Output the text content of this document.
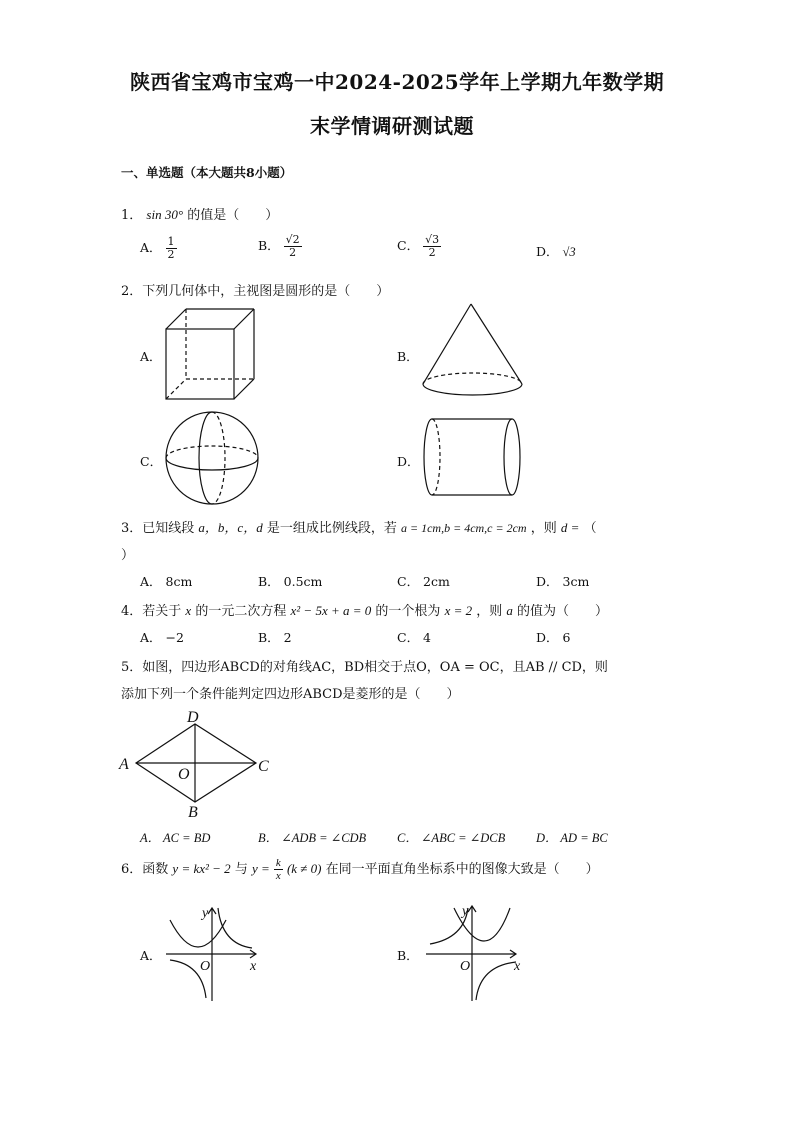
陕西省宝鸡市宝鸡一中2024-2025学年上学期九年数学期
末学情调研测试题
一、单选题（本大题共8小题）
1． sin 30° 的值是（　　）
A． $\frac{1}{2}$	B． $\frac{√2}{2}$	C． $\frac{√3}{2}$	D． √3
2．下列几何体中，主视图是圆形的是（　　）
A．	B．
C．	D．
3．已知线段 a，b，c，d 是一组成比例线段，若 a = 1cm,b = 4cm,c = 2cm ，则 d = （
）
A． 8cm	B． 0.5cm	C． 2cm	D． 3cm
4．若关于 x 的一元二次方程 x² − 5x + a = 0 的一个根为 x = 2 ，则 a 的值为（　　）
A． −2	B． 2	C． 4	D． 6
5．如图，四边形ABCD的对角线AC，BD相交于点O，OA = OC，且AB // CD，则
添加下列一个条件能判定四边形ABCD是菱形的是（　　）
D
A
O	C
B
A． AC = BD	B． ∠ADB = ∠CDB C． ∠ABC = ∠DCB D． AD = BC
6．函数 y = kx² − 2 与 $y = \frac{k}{x} (k \ne 0)$ 在同一平面直角坐标系中的图像大致是（　　）
A．
y
x
O
B．
y
x
O
